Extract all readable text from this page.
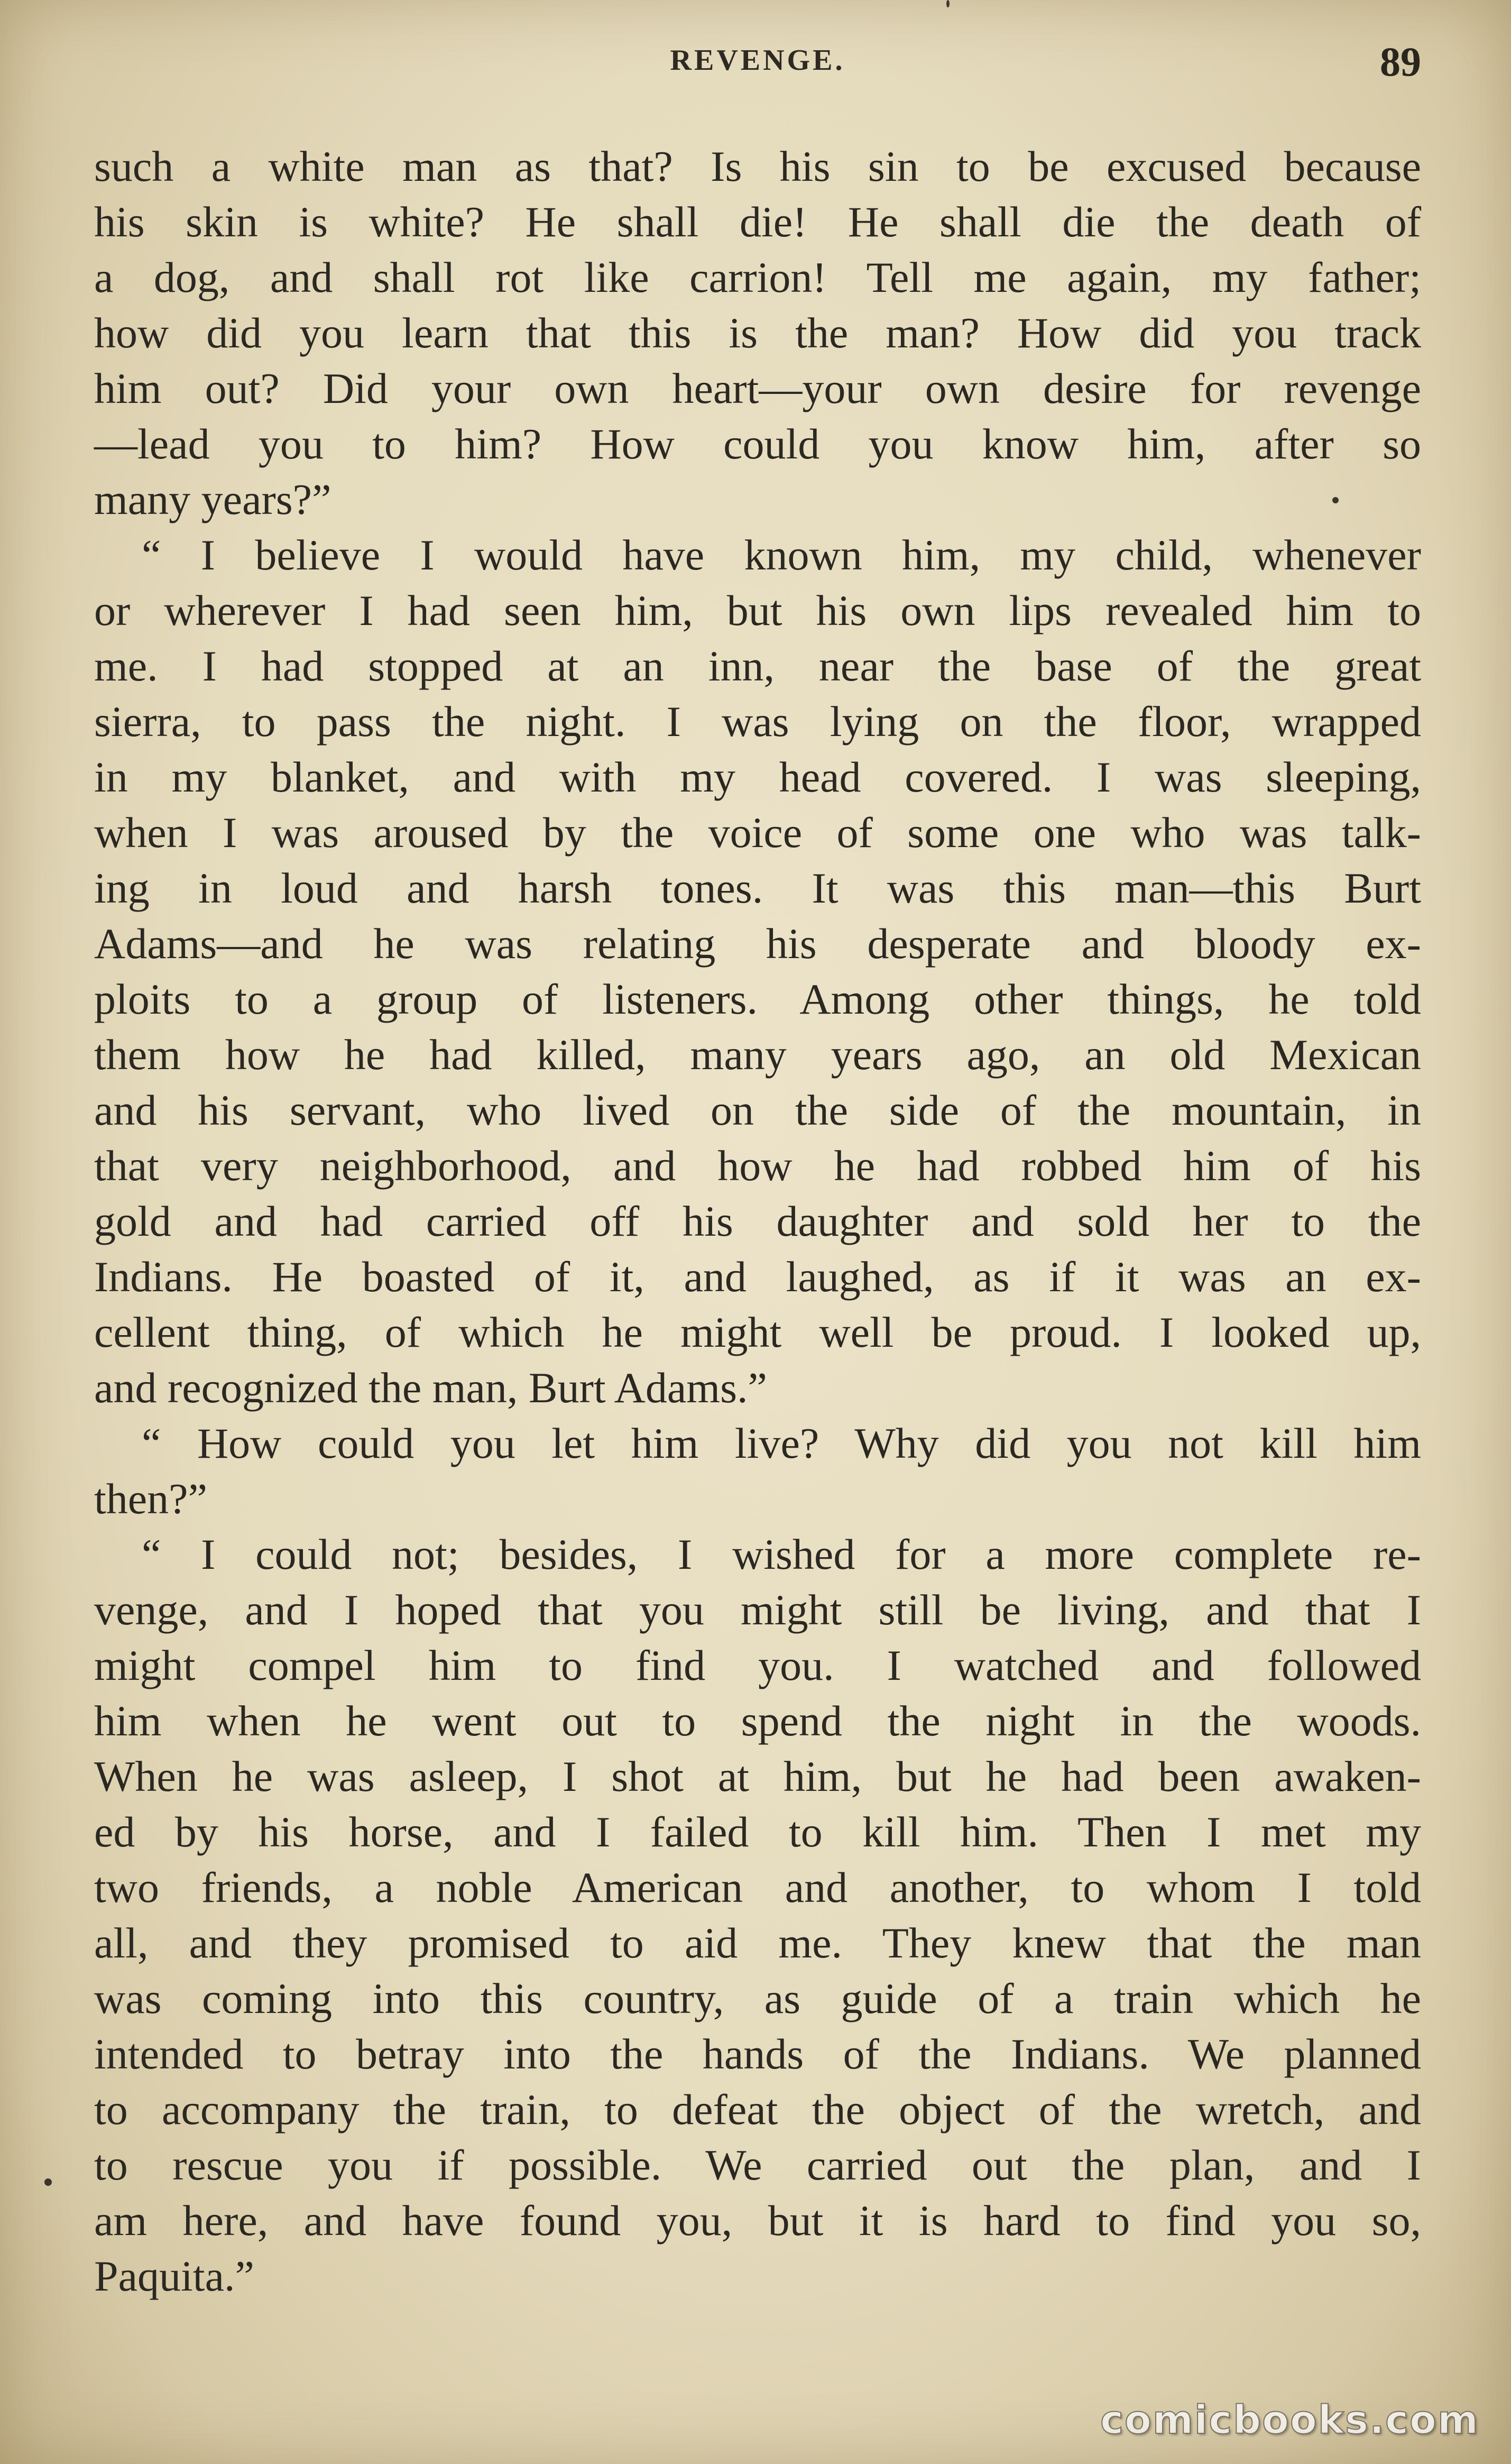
REVENGE.	89
such a white man as that? Is his sin to be excused because
his skin is white? He shall die! He shall die the death of
a dog, and shall rot like carrion! Tell me again, my father;
how did you learn that this is the man? How did you track
him out? Did your own heart—your own desire for revenge
—lead you to him? How could you know him, after so
many years?”
“ I believe I would have known him, my child, whenever
or wherever I had seen him, but his own lips revealed him to
me. I had stopped at an inn, near the base of the great
sierra, to pass the night. I was lying on the floor, wrapped
in my blanket, and with my head covered. I was sleeping,
when I was aroused by the voice of some one who was talk-
ing in loud and harsh tones. It was this man—this Burt
Adams—and he was relating his desperate and bloody ex-
ploits to a group of listeners. Among other things, he told
them how he had killed, many years ago, an old Mexican
and his servant, who lived on the side of the mountain, in
that very neighborhood, and how he had robbed him of his
gold and had carried off his daughter and sold her to the
Indians. He boasted of it, and laughed, as if it was an ex-
cellent thing, of which he might well be proud. I looked up,
and recognized the man, Burt Adams.”
“ How could you let him live? Why did you not kill him
then?”
“ I could not; besides, I wished for a more complete re-
venge, and I hoped that you might still be living, and that I
might compel him to find you. I watched and followed
him when he went out to spend the night in the woods.
When he was asleep, I shot at him, but he had been awaken-
ed by his horse, and I failed to kill him. Then I met my
two friends, a noble American and another, to whom I told
all, and they promised to aid me. They knew that the man
was coming into this country, as guide of a train which he
intended to betray into the hands of the Indians. We planned
to accompany the train, to defeat the object of the wretch, and
to rescue you if possible. We carried out the plan, and I
am here, and have found you, but it is hard to find you so,
Paquita.”
comicbooks.com
